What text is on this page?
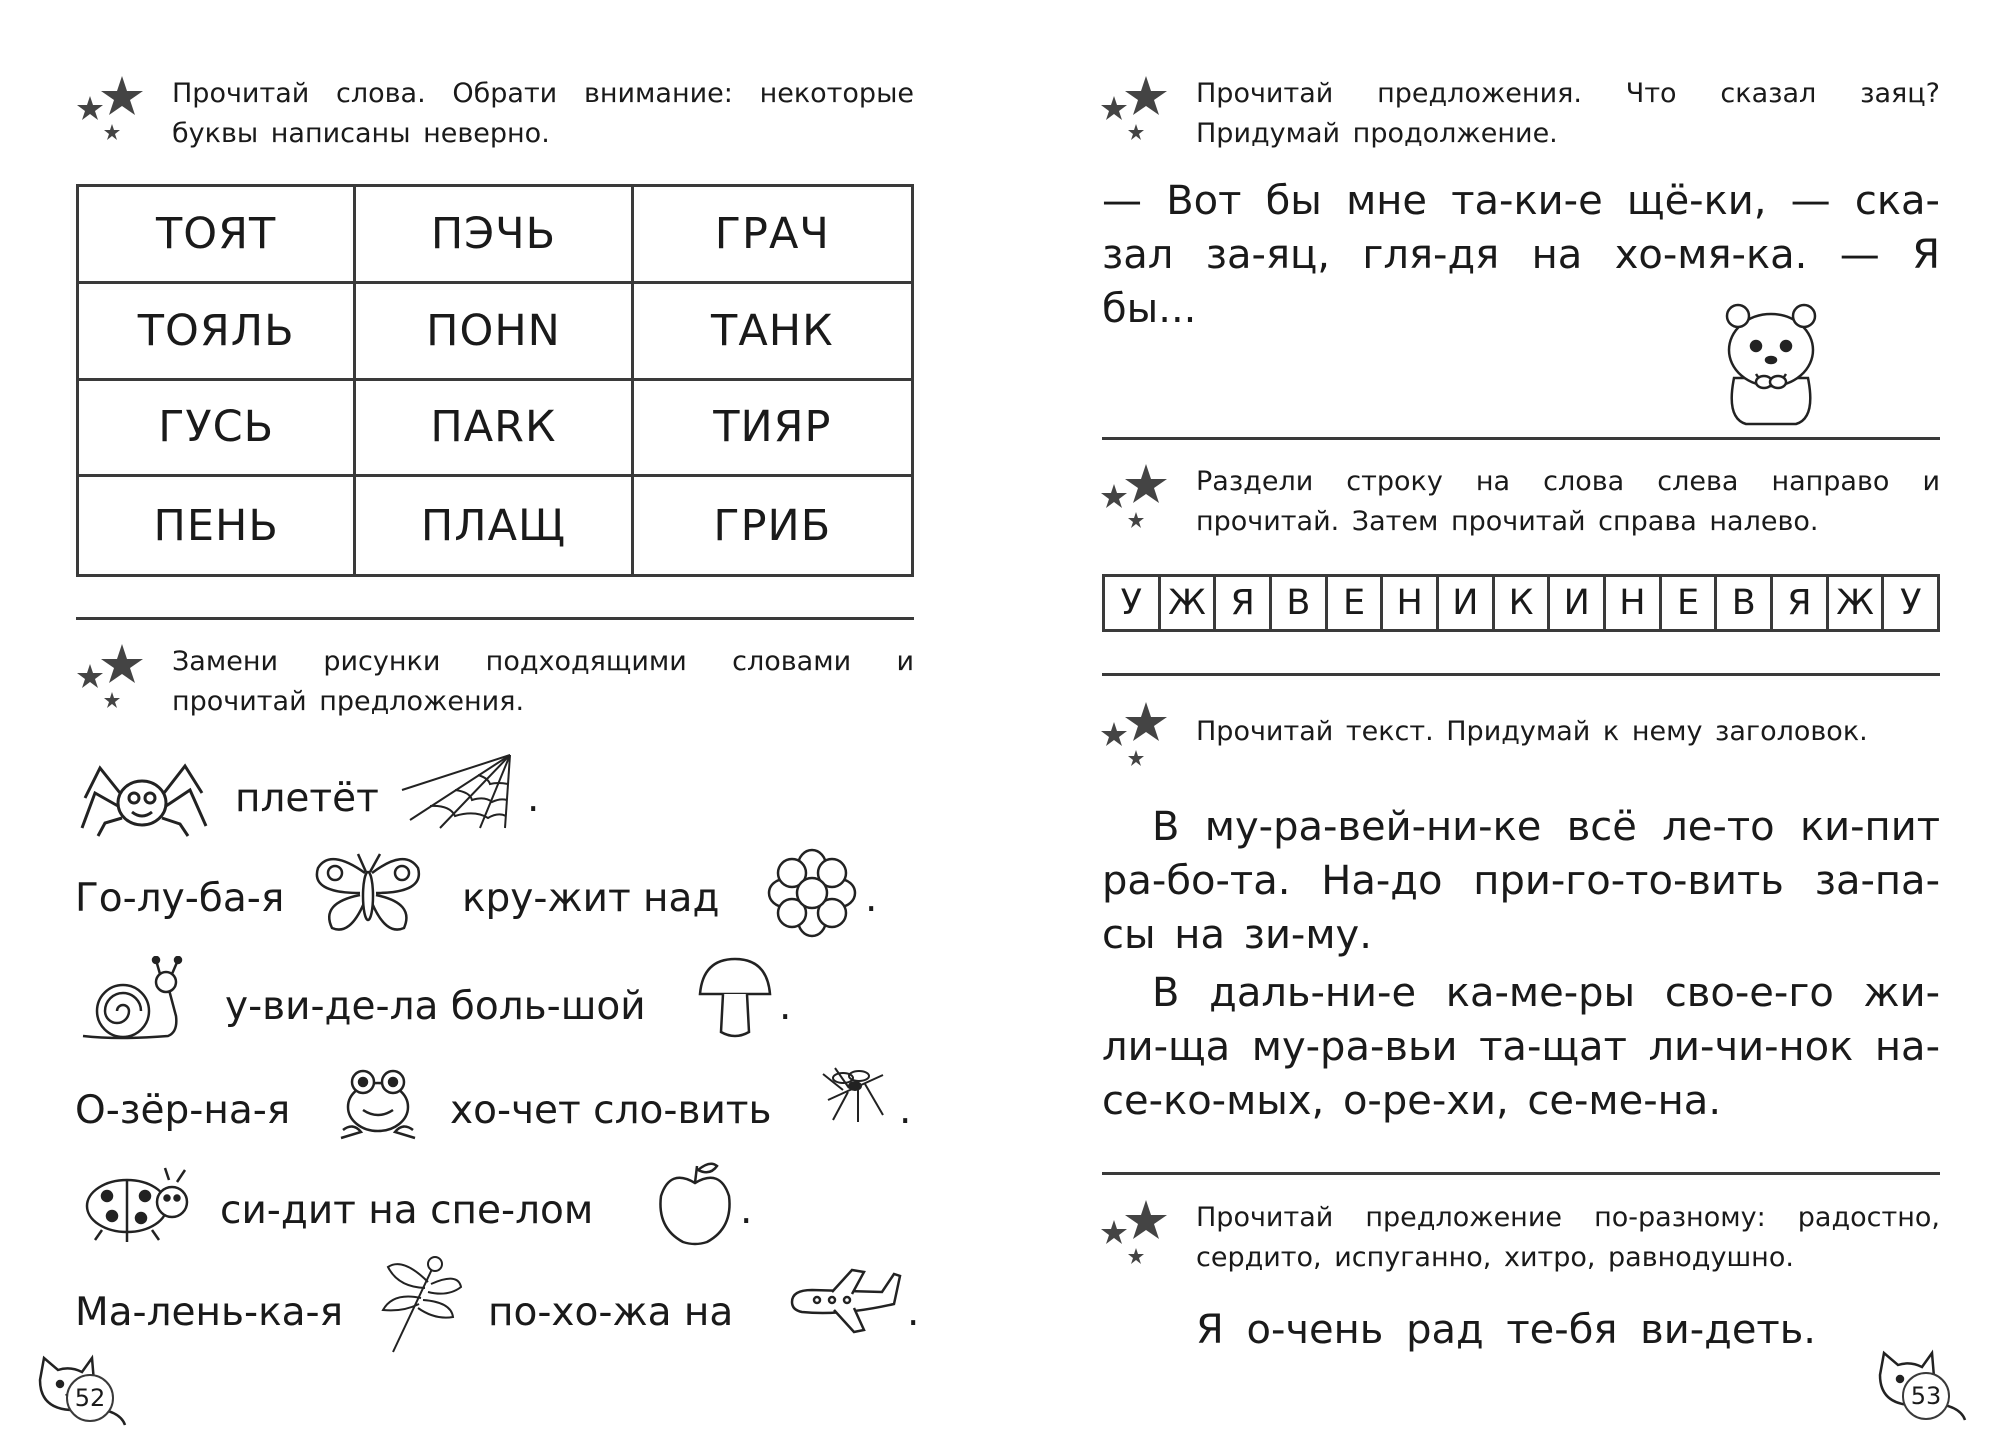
Прочитай слова. Обрати внимание: некоторые буквы написаны неверно.
ТОЯТ	ПЭЧЬ	ГРАЧ
ТОЯЛЬ	ПОНN	ТАНК
ГУСЬ	ПАRК	ТИЯР
ПЕНЬ	ПЛАЩ	ГРИБ
Замени рисунки подходящими словами и прочитай предложения.
плетёт	.
Го-лу-ба-я	кру-жит над	.
у-ви-де-ла боль-шой	.
О-зёр-на-я	хо-чет сло-вить	.
си-дит на спе-лом	.
Ма-лень-ка-я	по-хо-жа на	.
52
Прочитай предложения. Что сказал заяц? Придумай продолжение.
— Вот бы мне та-ки-е щё-ки, — ска-зал за-яц, гля-дя на хо-мя-ка. — Я бы...
Раздели строку на слова слева направо и прочитай. Затем прочитай справа налево.
У Ж Я В Е Н И К И Н Е В Я Ж У
Прочитай текст. Придумай к нему заголовок.
В му-ра-вей-ни-ке всё ле-то ки-пит ра-бо-та. На-до при-го-то-вить за-па-сы на зи-му.
В даль-ни-е ка-ме-ры сво-е-го жи-ли-ща му-ра-вьи та-щат ли-чи-нок на-се-ко-мых, о-ре-хи, се-ме-на.
Прочитай предложение по-разному: радостно, сердито, испуганно, хитро, равнодушно.
Я о-чень рад те-бя ви-деть.
53
